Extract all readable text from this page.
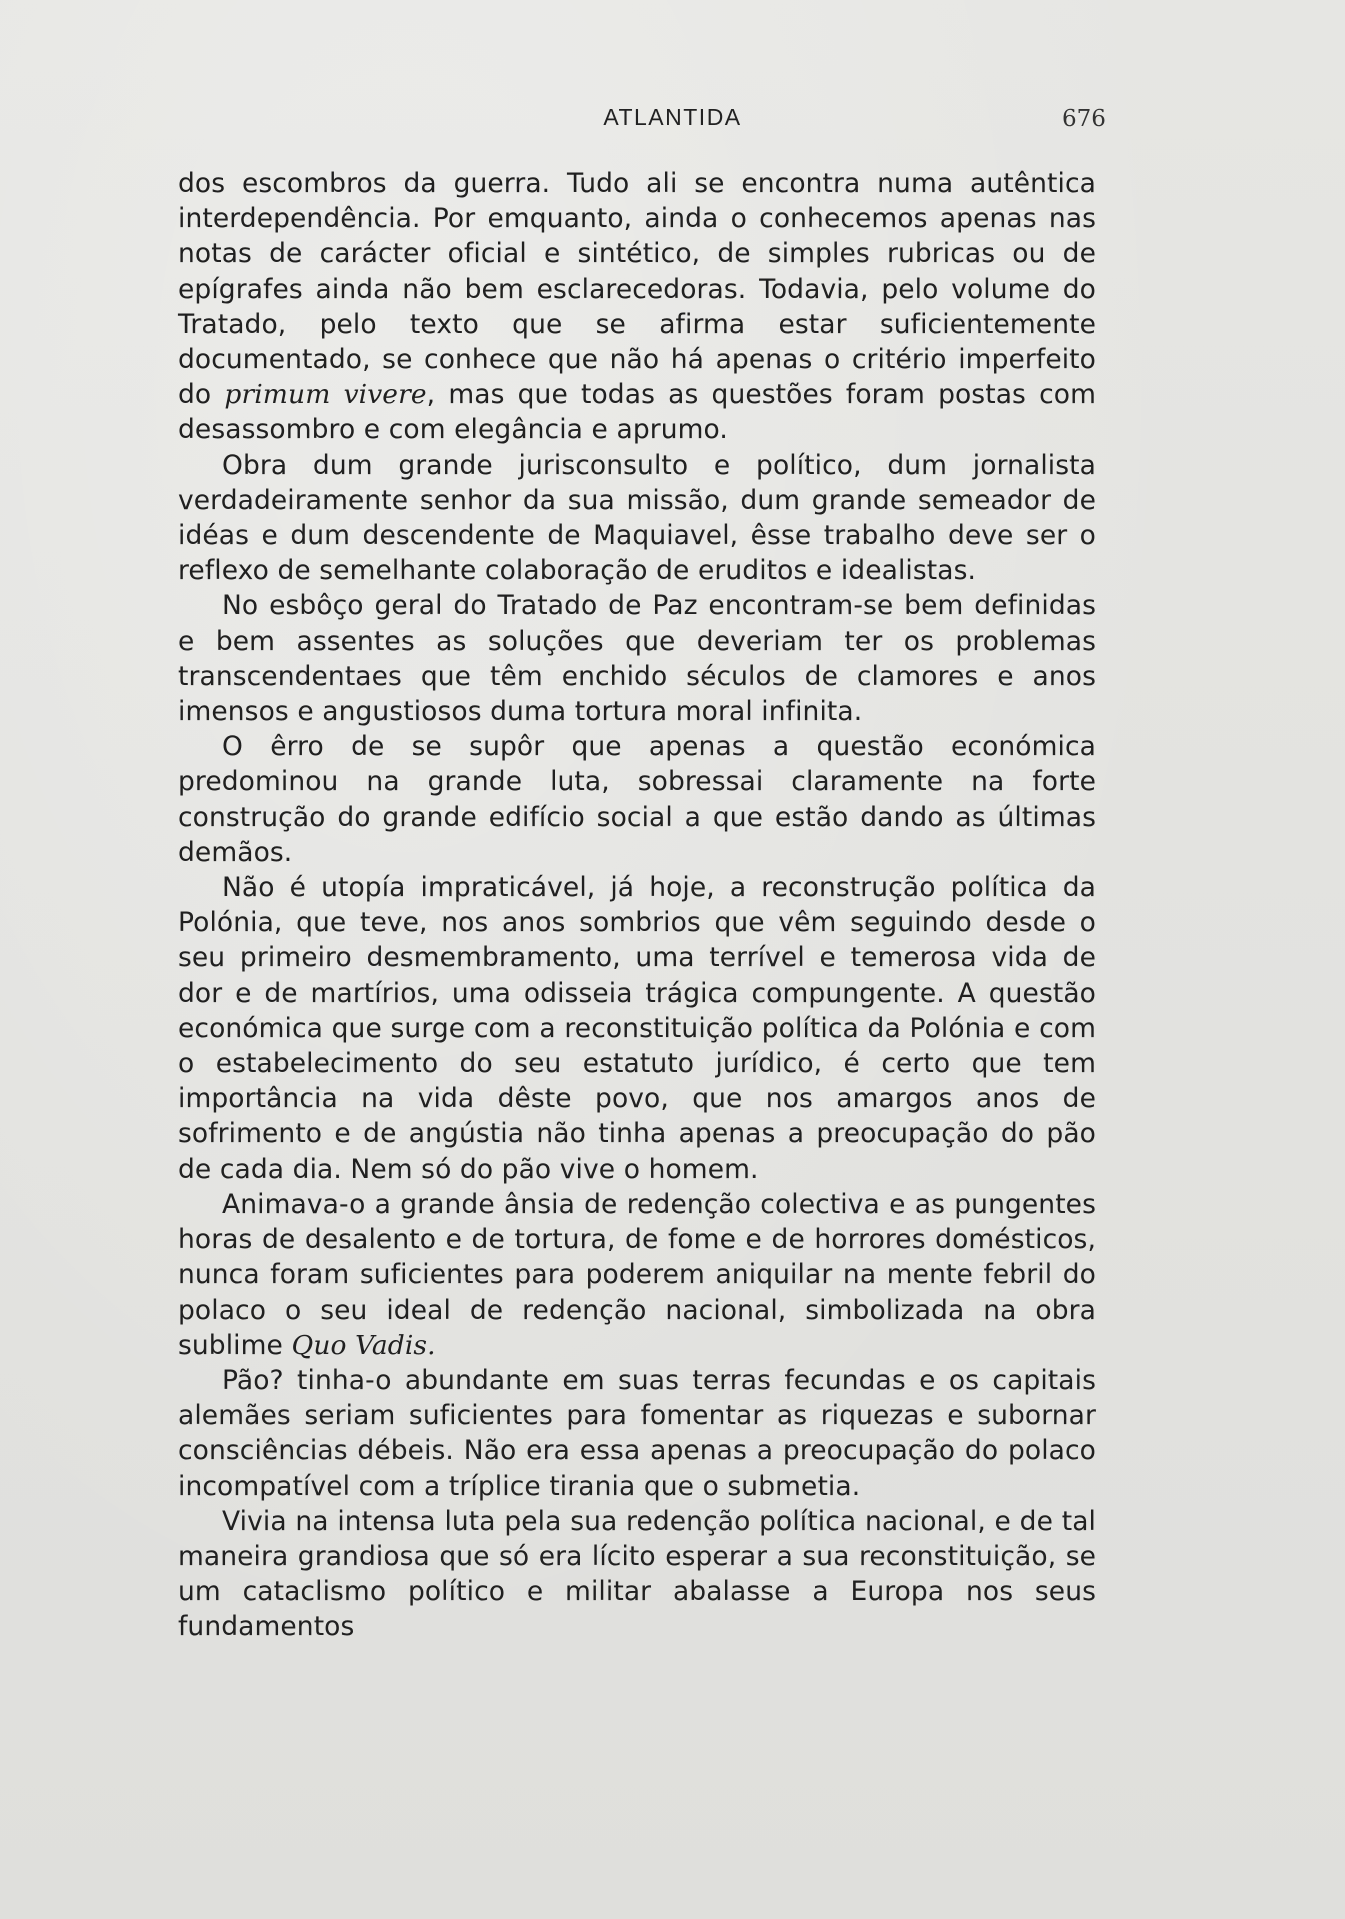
ATLANTIDA	676

dos escombros da guerra. Tudo ali se encontra numa autêntica interdependência. Por emquanto, ainda o conhecemos apenas nas notas de carácter oficial e sintético, de simples rubricas ou de epígrafes ainda não bem esclarecedoras. Todavia, pelo volume do Tratado, pelo texto que se afirma estar suficientemente documentado, se conhece que não há apenas o critério imperfeito do primum vivere, mas que todas as questões foram postas com desassombro e com elegância e aprumo.

Obra dum grande jurisconsulto e político, dum jornalista verdadeiramente senhor da sua missão, dum grande semeador de idéas e dum descendente de Maquiavel, êsse trabalho deve ser o reflexo de semelhante colaboração de eruditos e idealistas.

No esbôço geral do Tratado de Paz encontram-se bem definidas e bem assentes as soluções que deveriam ter os problemas transcendentaes que têm enchido séculos de clamores e anos imensos e angustiosos duma tortura moral infinita.

O êrro de se supôr que apenas a questão económica predominou na grande luta, sobressai claramente na forte construção do grande edifício social a que estão dando as últimas demãos.

Não é utopía impraticável, já hoje, a reconstrução política da Polónia, que teve, nos anos sombrios que vêm seguindo desde o seu primeiro desmembramento, uma terrível e temerosa vida de dor e de martírios, uma odisseia trágica compungente. A questão económica que surge com a reconstituição política da Polónia e com o estabelecimento do seu estatuto jurídico, é certo que tem importância na vida dêste povo, que nos amargos anos de sofrimento e de angústia não tinha apenas a preocupação do pão de cada dia. Nem só do pão vive o homem.

Animava-o a grande ânsia de redenção colectiva e as pungentes horas de desalento e de tortura, de fome e de horrores domésticos, nunca foram suficientes para poderem aniquilar na mente febril do polaco o seu ideal de redenção nacional, simbolizada na obra sublime Quo Vadis.

Pão? tinha-o abundante em suas terras fecundas e os capitais alemães seriam suficientes para fomentar as riquezas e subornar consciências débeis. Não era essa apenas a preocupação do polaco incompatível com a tríplice tirania que o submetia.

Vivia na intensa luta pela sua redenção política nacional, e de tal maneira grandiosa que só era lícito esperar a sua reconstituição, se um cataclismo político e militar abalasse a Europa nos seus fundamentos
